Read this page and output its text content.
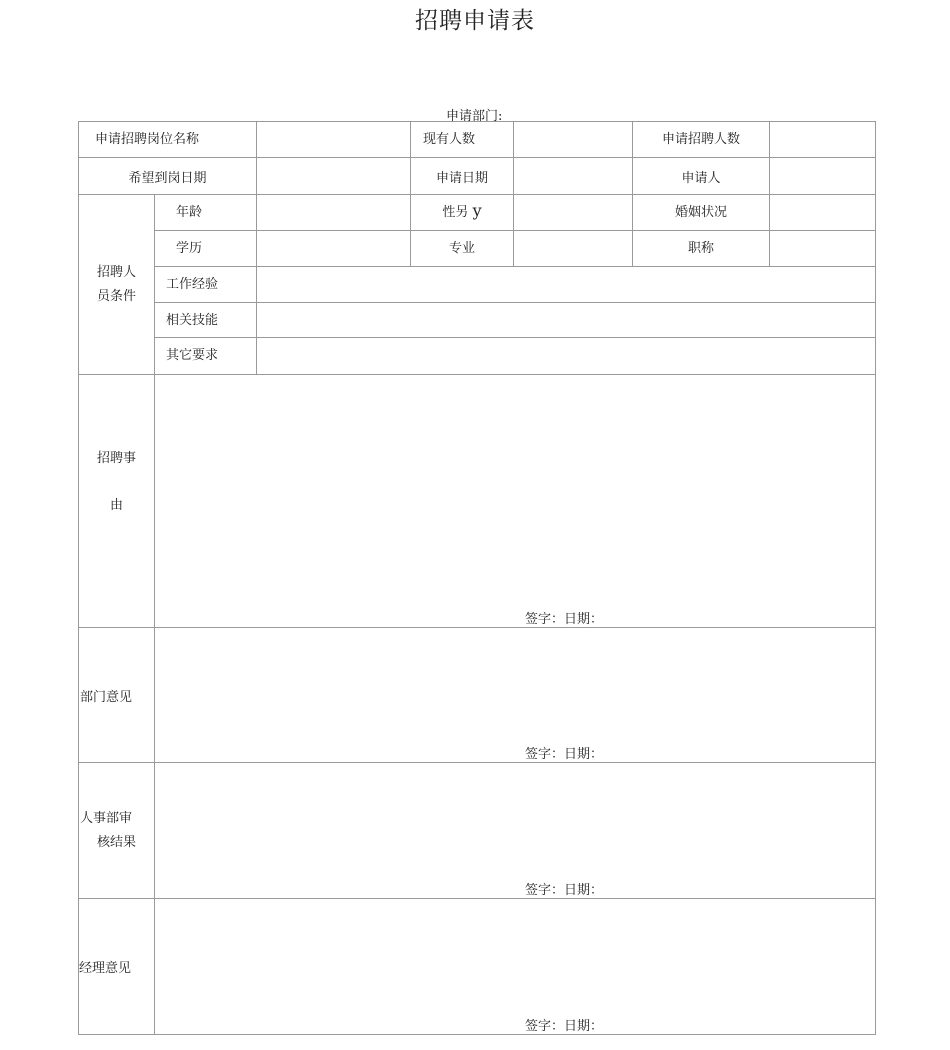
招聘申请表
申请部门:
申请招聘岗位名称			现有人数		申请招聘人数	
希望到岗日期			申请日期		申请人	

招聘人
员条件	年龄		性另 y		婚姻状况	
	学历		专业		职称	
	工作经验					
	相关技能					
	其它要求					

招聘事
由	签字：日期：					

部门意见	签字：日期：					

人事部审
核结果	签字：日期：					

经理意见	签字：日期：					
